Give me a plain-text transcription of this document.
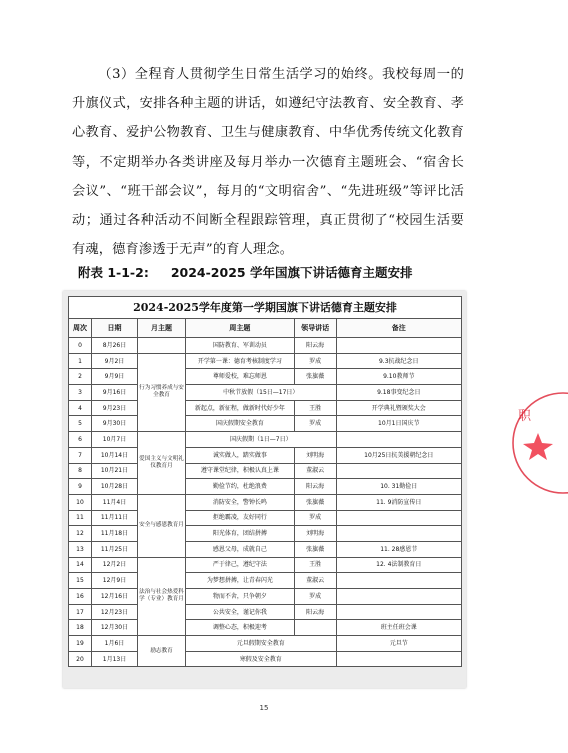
（3）全程育人贯彻学生日常生活学习的始终。我校每周一的升旗仪式，安排各种主题的讲话，如遵纪守法教育、安全教育、孝心教育、爱护公物教育、卫生与健康教育、中华优秀传统文化教育等，不定期举办各类讲座及每月举办一次德育主题班会、“宿舍长会议”、“班干部会议”，每月的“文明宿舍”、“先进班级”等评比活动；通过各种活动不间断全程跟踪管理，真正贯彻了“校园生活要有魂，德育渗透于无声”的育人理念。

附表 1-1-2: 2024-2025 学年国旗下讲话德育主题安排
2024-2025学年度第一学期国旗下讲话德育主题安排					
周次	日期	月主题	周主题	领导讲话	备注
0	8月26日		国防教育、军训动员	阳云海	
1	9月2日	行为习惯养成与安全教育	开学第一课：德育考核制度学习	罗成	9.3抗战纪念日
2	9月9日		尊师爱校，难忘师恩	张旗薇	9.10教师节
3	9月16日		中秋节放假（15日—17日）		9.18事变纪念日
4	9月23日		新起点，新征程，做新时代好少年	王胜	开学典礼暨颁奖大会
5	9月30日		国庆假期安全教育	罗成	10月1日国庆节
6	10月7日	爱国主义与文明礼仪教育月	国庆假期（1日—7日）		
7	10月14日		诚实做人，踏实做事	刘明海	10月25日抗美援朝纪念日
8	10月21日		遵守课堂纪律，积极认真上课	董淑云	
9	10月28日		勤俭节约，杜绝浪费	阳云海	10. 31勤俭日
10	11月4日	安全与感恩教育月	消防安全，警钟长鸣	张旗薇	11. 9消防宣传日
11	11月11日		拒绝霸凌，友好同行	罗成	
12	11月18日		阳光体育，团结拼搏	刘明海	
13	11月25日		感恩父母，成就自己	张旗薇	11. 28感恩节
14	12月2日	法治与社会热爱科学（专业）教育月	严于律己，遵纪守法	王胜	12. 4法制教育日
15	12月9日		为梦想拼搏，让青春闪光	董淑云	
16	12月16日		物而不舍，只争朝夕	罗成	
17	12月23日		公共安全，谨记你我	阳云海	
18	12月30日		调整心态，积极迎考		班主任班会课
19	1月6日	励志教育	元旦假期安全教育		元旦节
20	1月13日		寒假及安全教育		
职
15
